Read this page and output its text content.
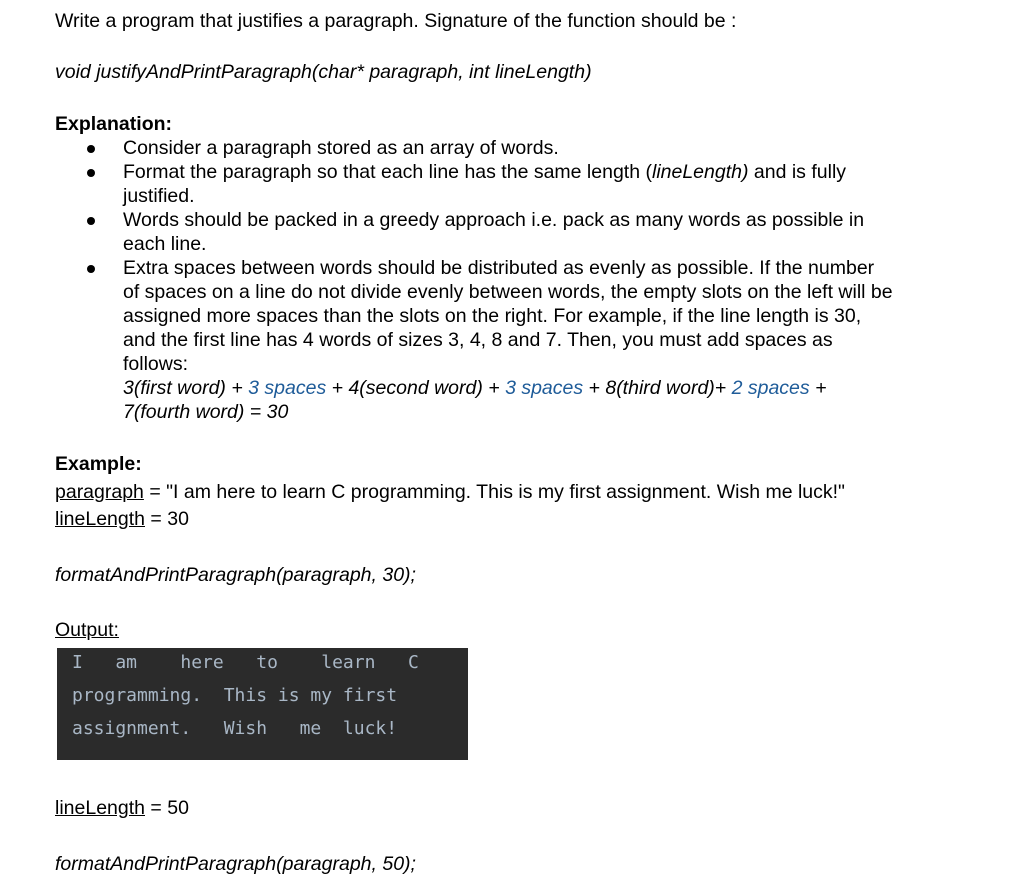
Write a program that justifies a paragraph. Signature of the function should be :
void justifyAndPrintParagraph(char* paragraph, int lineLength)
Explanation:
Consider a paragraph stored as an array of words.
Format the paragraph so that each line has the same length (lineLength) and is fully
justified.
Words should be packed in a greedy approach i.e. pack as many words as possible in
each line.
Extra spaces between words should be distributed as evenly as possible. If the number
of spaces on a line do not divide evenly between words, the empty slots on the left will be
assigned more spaces than the slots on the right. For example, if the line length is 30,
and the first line has 4 words of sizes 3, 4, 8 and 7. Then, you must add spaces as
follows:
3(first word) + 3 spaces + 4(second word) + 3 spaces + 8(third word)+ 2 spaces +
7(fourth word) = 30
Example:
paragraph = "I am here to learn C programming. This is my first assignment. Wish me luck!"
lineLength = 30
formatAndPrintParagraph(paragraph, 30);
Output:
I   am    here   to    learn   C
programming.  This is my first
assignment.   Wish   me  luck!
lineLength = 50
formatAndPrintParagraph(paragraph, 50);
